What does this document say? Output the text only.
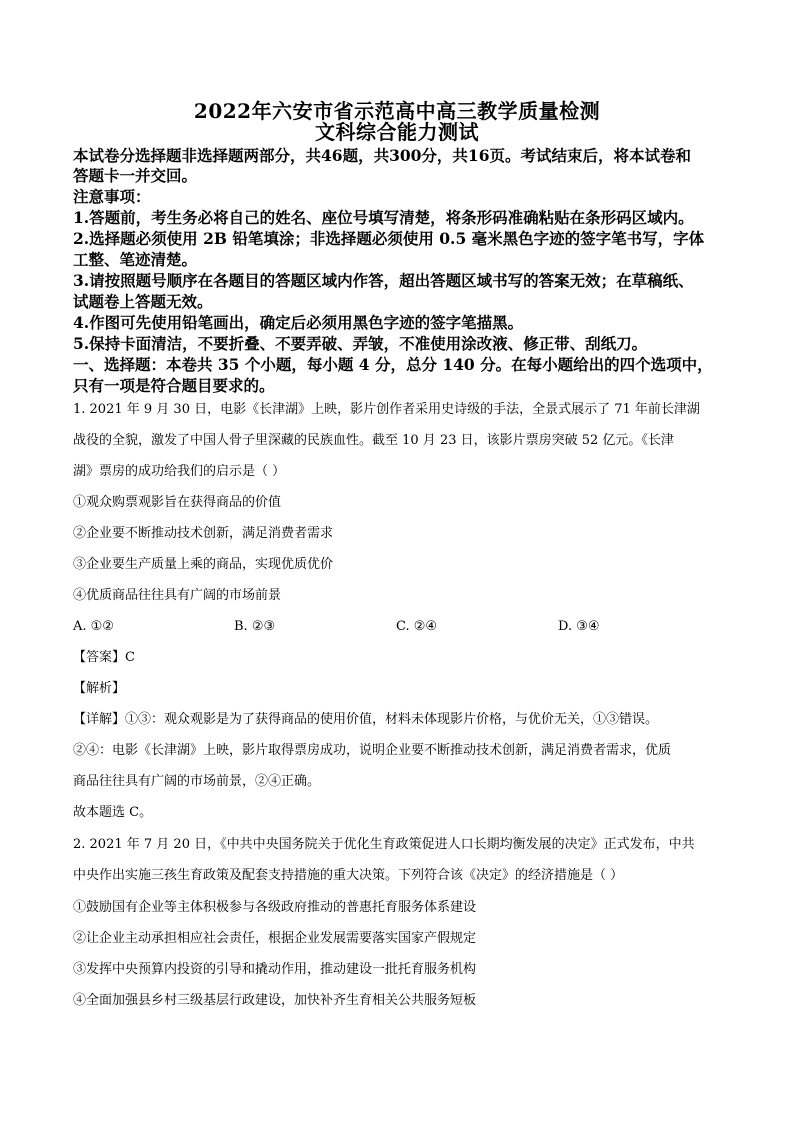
2022年六安市省示范高中高三教学质量检测
文科综合能力测试
本试卷分选择题非选择题两部分，共46题，共300分，共16页。考试结束后，将本试卷和
答题卡一并交回。
注意事项：
1.答题前，考生务必将自己的姓名、座位号填写清楚，将条形码准确粘贴在条形码区域内。
2.选择题必须使用 2B 铅笔填涂；非选择题必须使用 0.5 毫米黑色字迹的签字笔书写，字体
工整、笔迹清楚。
3.请按照题号顺序在各题目的答题区域内作答，超出答题区域书写的答案无效；在草稿纸、
试题卷上答题无效。
4.作图可先使用铅笔画出，确定后必须用黑色字迹的签字笔描黑。
5.保持卡面清洁，不要折叠、不要弄破、弄皱，不准使用涂改液、修正带、刮纸刀。
一、选择题：本卷共 35 个小题，每小题 4 分，总分 140 分。在每小题给出的四个选项中，
只有一项是符合题目要求的。
1. 2021 年 9 月 30 日，电影《长津湖》上映，影片创作者采用史诗级的手法，全景式展示了 71 年前长津湖
战役的全貌，激发了中国人骨子里深藏的民族血性。截至 10 月 23 日，该影片票房突破 52 亿元。《长津
湖》票房的成功给我们的启示是（ ）
①观众购票观影旨在获得商品的价值
②企业要不断推动技术创新，满足消费者需求
③企业要生产质量上乘的商品，实现优质优价
④优质商品往往具有广阔的市场前景
A. ①②	B. ②③	C. ②④	D. ③④
【答案】C
【解析】
【详解】①③：观众观影是为了获得商品的使用价值，材料未体现影片价格，与优价无关，①③错误。
②④：电影《长津湖》上映，影片取得票房成功，说明企业要不断推动技术创新，满足消费者需求，优质
商品往往具有广阔的市场前景，②④正确。
故本题选 C。
2. 2021 年 7 月 20 日，《中共中央国务院关于优化生育政策促进人口长期均衡发展的决定》正式发布，中共
中央作出实施三孩生育政策及配套支持措施的重大决策。下列符合该《决定》的经济措施是（ ）
①鼓励国有企业等主体积极参与各级政府推动的普惠托育服务体系建设
②让企业主动承担相应社会责任，根据企业发展需要落实国家产假规定
③发挥中央预算内投资的引导和撬动作用，推动建设一批托育服务机构
④全面加强县乡村三级基层行政建设，加快补齐生育相关公共服务短板
